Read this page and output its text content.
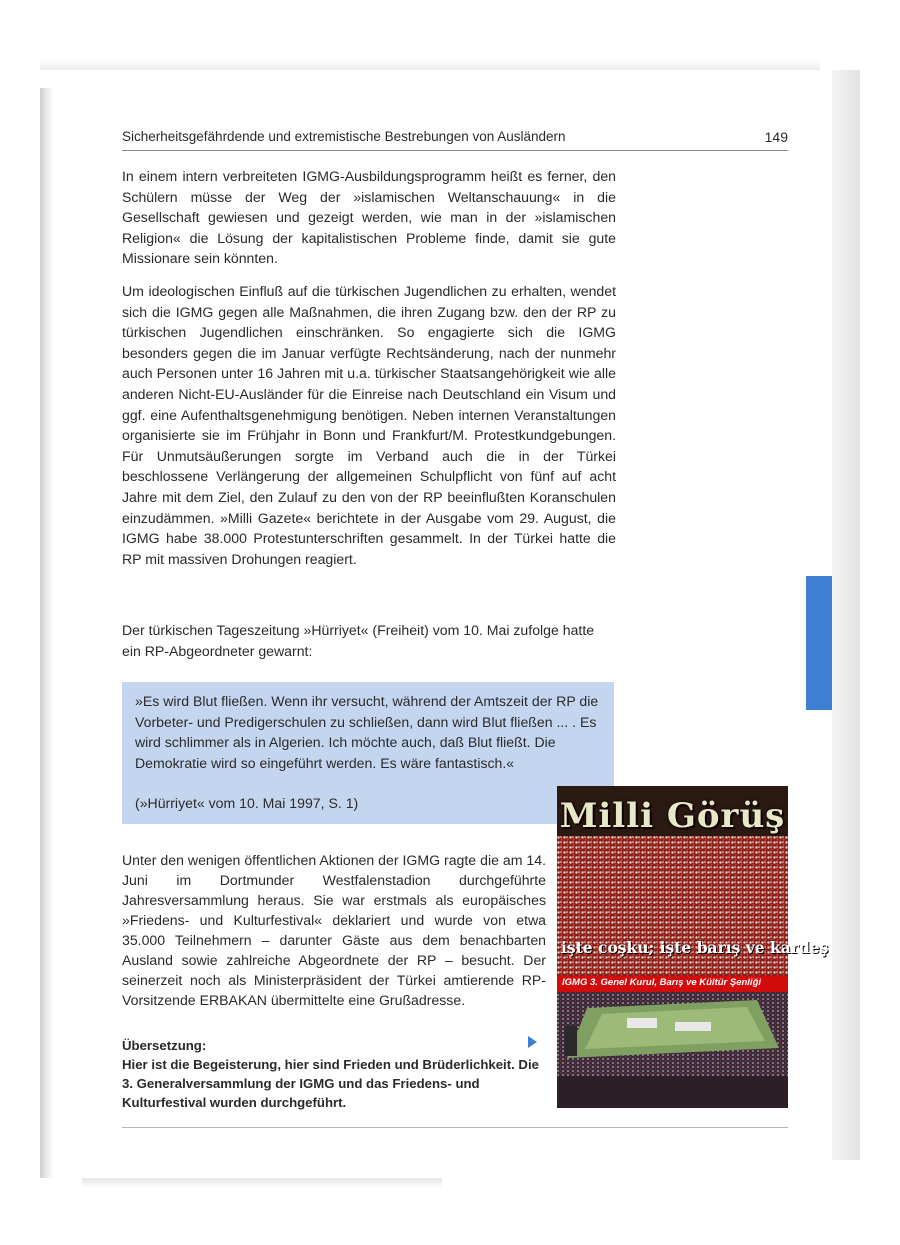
Sicherheitsgefährdende und extremistische Bestrebungen von Ausländern	149

In einem intern verbreiteten IGMG-Ausbildungsprogramm heißt es ferner, den Schülern müsse der Weg der »islamischen Weltanschauung« in die Gesellschaft gewiesen und gezeigt werden, wie man in der »islamischen Religion« die Lösung der kapitalistischen Probleme finde, damit sie gute Missionare sein könnten.

Um ideologischen Einfluß auf die türkischen Jugendlichen zu erhalten, wendet sich die IGMG gegen alle Maßnahmen, die ihren Zugang bzw. den der RP zu türkischen Jugendlichen einschränken. So engagierte sich die IGMG besonders gegen die im Januar verfügte Rechtsänderung, nach der nunmehr auch Personen unter 16 Jahren mit u.a. türkischer Staatsangehörigkeit wie alle anderen Nicht-EU-Ausländer für die Einreise nach Deutschland ein Visum und ggf. eine Aufenthaltsgenehmigung benötigen. Neben internen Veranstaltungen organisierte sie im Frühjahr in Bonn und Frankfurt/M. Protestkundgebungen. Für Unmutsäußerungen sorgte im Verband auch die in der Türkei beschlossene Verlängerung der allgemeinen Schulpflicht von fünf auf acht Jahre mit dem Ziel, den Zulauf zu den von der RP beeinflußten Koranschulen einzudämmen. »Milli Gazete« berichtete in der Ausgabe vom 29. August, die IGMG habe 38.000 Protestunterschriften gesammelt. In der Türkei hatte die RP mit massiven Drohungen reagiert.

Der türkischen Tageszeitung »Hürriyet« (Freiheit) vom 10. Mai zufolge hatte ein RP-Abgeordneter gewarnt:

»Es wird Blut fließen. Wenn ihr versucht, während der Amtszeit der RP die Vorbeter- und Predigerschulen zu schließen, dann wird Blut fließen ... . Es wird schlimmer als in Algerien. Ich möchte auch, daß Blut fließt. Die Demokratie wird so eingeführt werden. Es wäre fantastisch.«
(»Hürriyet« vom 10. Mai 1997, S. 1)

Unter den wenigen öffentlichen Aktionen der IGMG ragte die am 14. Juni im Dortmunder Westfalenstadion durchgeführte Jahresversammlung heraus. Sie war erstmals als europäisches »Friedens- und Kulturfestival« deklariert und wurde von etwa 35.000 Teilnehmern – darunter Gäste aus dem benachbarten Ausland sowie zahlreiche Abgeordnete der RP – besucht. Der seinerzeit noch als Ministerpräsident der Türkei amtierende RP-Vorsitzende ERBAKAN übermittelte eine Grußadresse.

Übersetzung:
Hier ist die Begeisterung, hier sind Frieden und Brüderlichkeit. Die 3. Generalversammlung der IGMG und das Friedens- und Kulturfestival wurden durchgeführt.
Milli Görüş
işte coşku; işte barış ve kardeş
IGMG 3. Genel Kurul, Barış ve Kültür Şenliği
